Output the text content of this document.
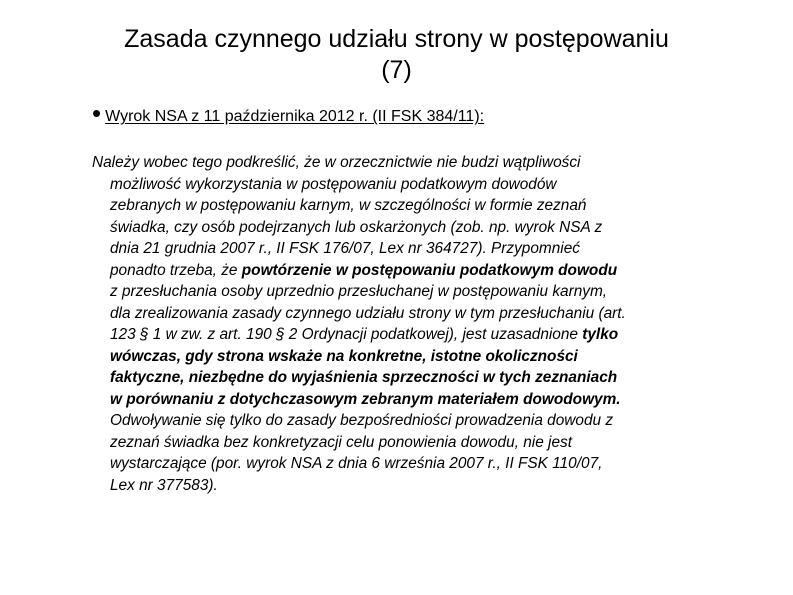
Zasada czynnego udziału strony w postępowaniu
(7)
• Wyrok NSA z 11 października 2012 r. (II FSK 384/11):

Należy wobec tego podkreślić, że w orzecznictwie nie budzi wątpliwości
możliwość wykorzystania w postępowaniu podatkowym dowodów
zebranych w postępowaniu karnym, w szczególności w formie zeznań
świadka, czy osób podejrzanych lub oskarżonych (zob. np. wyrok NSA z
dnia 21 grudnia 2007 r., II FSK 176/07, Lex nr 364727). Przypomnieć
ponadto trzeba, że powtórzenie w postępowaniu podatkowym dowodu
z przesłuchania osoby uprzednio przesłuchanej w postępowaniu karnym,
dla zrealizowania zasady czynnego udziału strony w tym przesłuchaniu (art.
123 § 1 w zw. z art. 190 § 2 Ordynacji podatkowej), jest uzasadnione tylko
wówczas, gdy strona wskaże na konkretne, istotne okoliczności
faktyczne, niezbędne do wyjaśnienia sprzeczności w tych zeznaniach
w porównaniu z dotychczasowym zebranym materiałem dowodowym.
Odwoływanie się tylko do zasady bezpośredniości prowadzenia dowodu z
zeznań świadka bez konkretyzacji celu ponowienia dowodu, nie jest
wystarczające (por. wyrok NSA z dnia 6 września 2007 r., II FSK 110/07,
Lex nr 377583).
